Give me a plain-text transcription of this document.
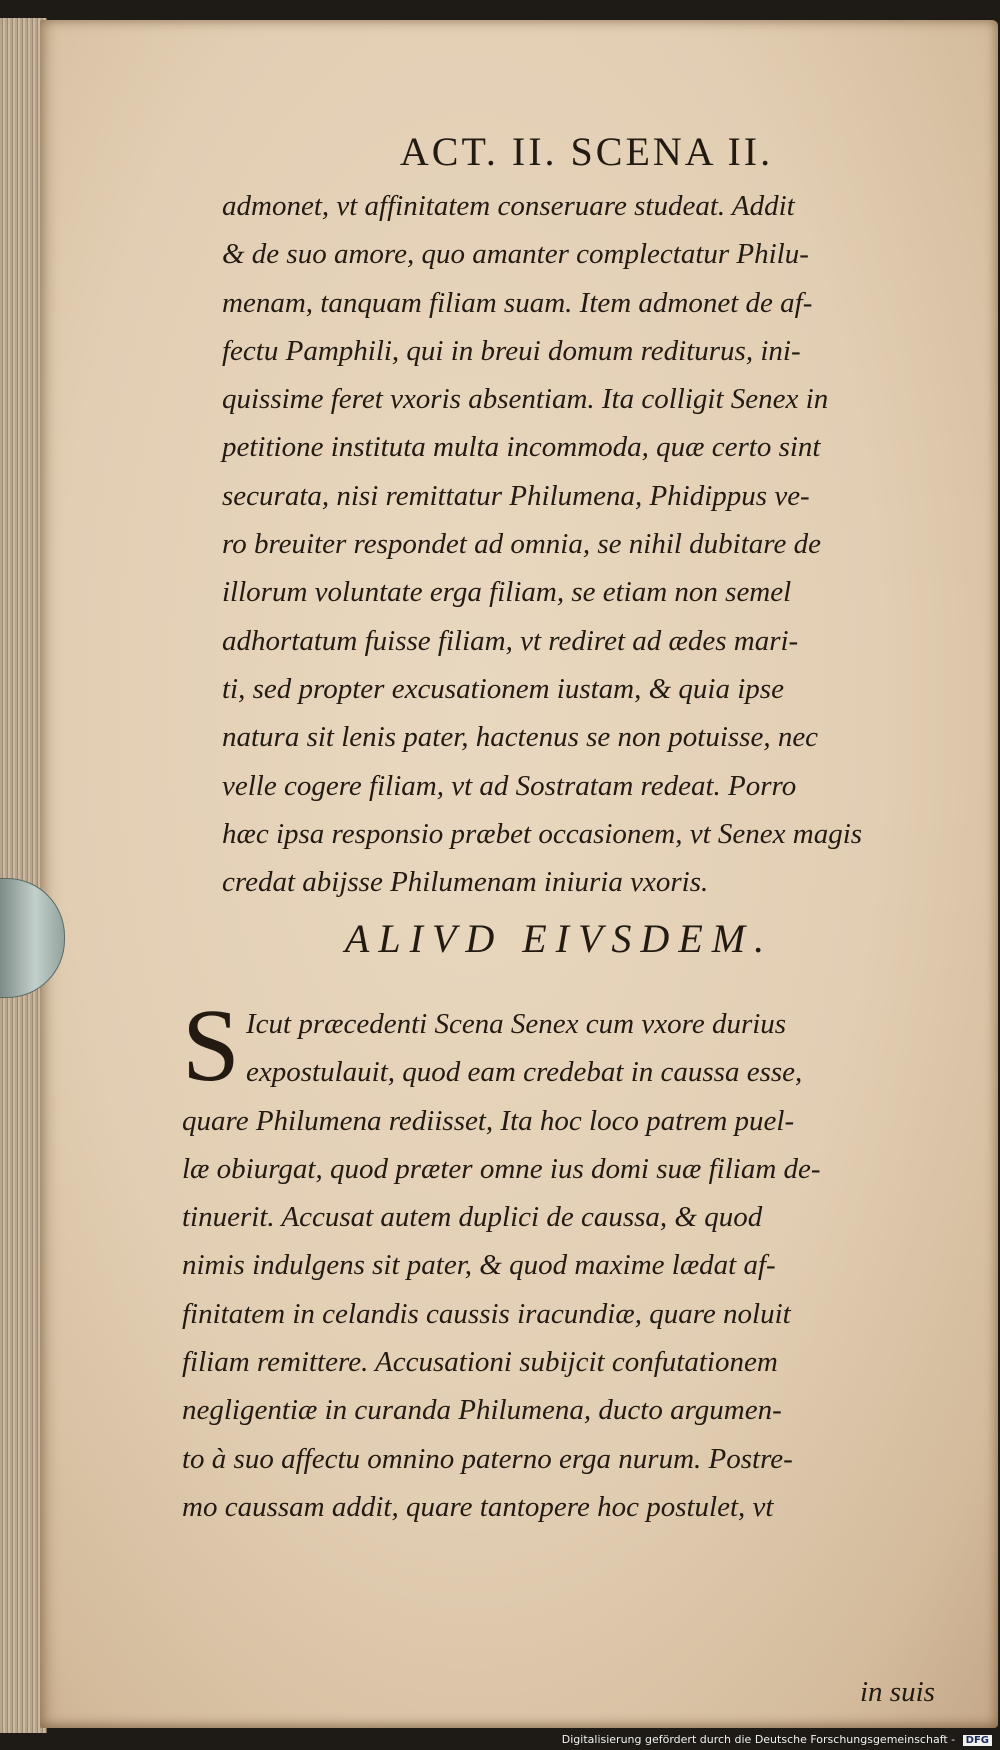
ACT. II. SCENA II.
admonet, vt affinitatem conseruare studeat. Addit
& de suo amore, quo amanter complectatur Philu-
menam, tanquam filiam suam. Item admonet de af-
fectu Pamphili, qui in breui domum rediturus, ini-
quissime feret vxoris absentiam. Ita colligit Senex in
petitione instituta multa incommoda, quæ certo sint
securata, nisi remittatur Philumena, Phidippus ve-
ro breuiter respondet ad omnia, se nihil dubitare de
illorum voluntate erga filiam, se etiam non semel
adhortatum fuisse filiam, vt rediret ad ædes mari-
ti, sed propter excusationem iustam, & quia ipse
natura sit lenis pater, hactenus se non potuisse, nec
velle cogere filiam, vt ad Sostratam redeat. Porro
hæc ipsa responsio præbet occasionem, vt Senex magis
credat abijsse Philumenam iniuria vxoris.
ALIVD EIVSDEM.
S Icut præcedenti Scena Senex cum vxore durius
expostulauit, quod eam credebat in caussa esse,
quare Philumena rediisset, Ita hoc loco patrem puel-
læ obiurgat, quod præter omne ius domi suæ filiam de-
tinuerit. Accusat autem duplici de caussa, & quod
nimis indulgens sit pater, & quod maxime lædat af-
finitatem in celandis caussis iracundiæ, quare noluit
filiam remittere. Accusationi subijcit confutationem
negligentiæ in curanda Philumena, ducto argumen-
to à suo affectu omnino paterno erga nurum. Postre-
mo caussam addit, quare tantopere hoc postulet, vt
in suis
Digitalisierung gefördert durch die Deutsche Forschungsgemeinschaft - DFG
